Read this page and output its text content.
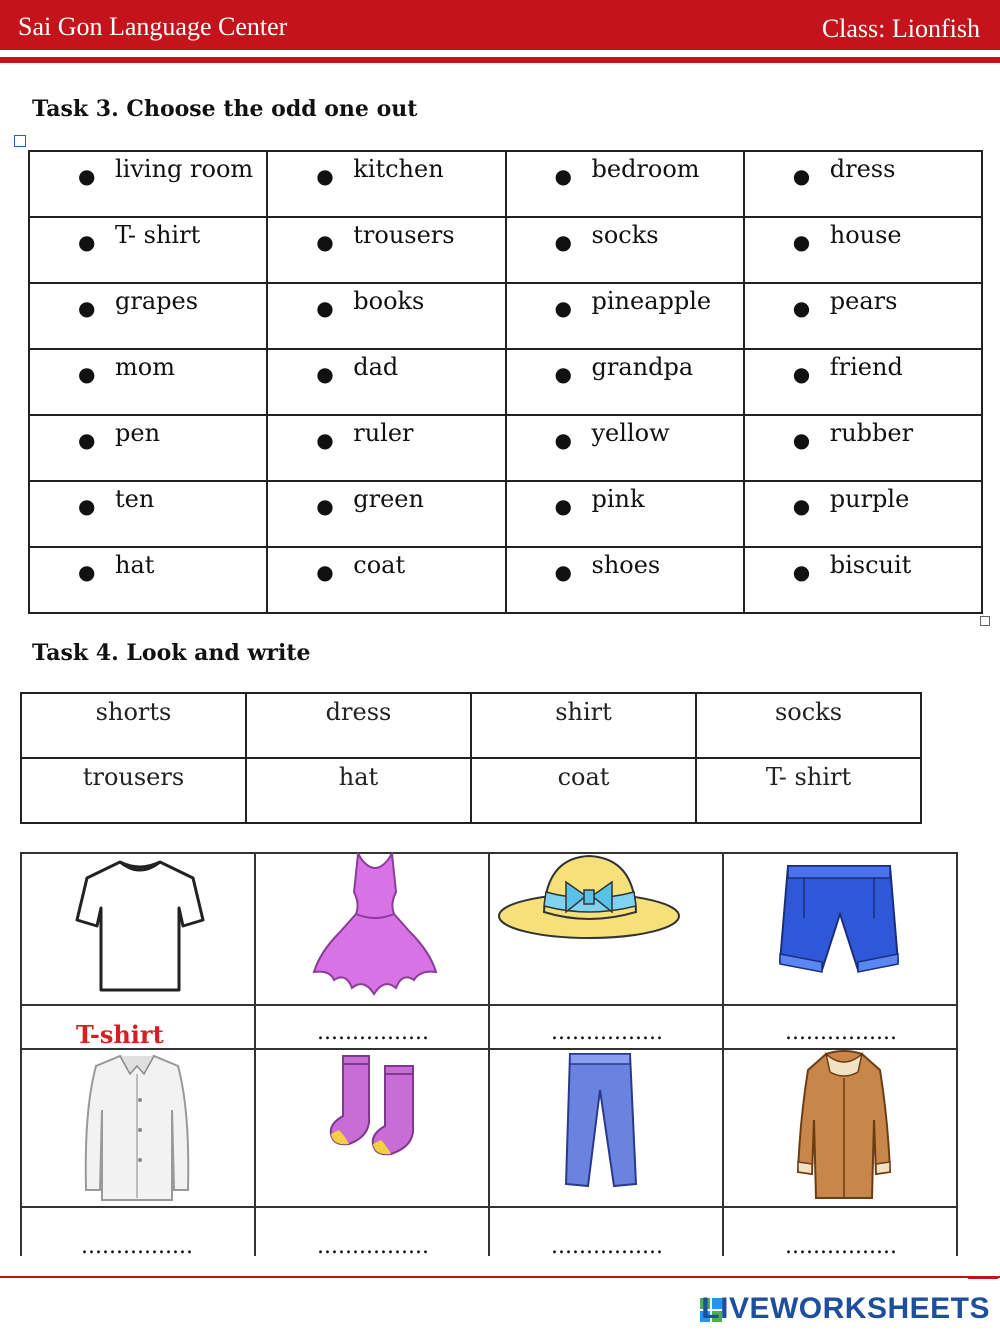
Sai Gon Language Center	Class: Lionfish
Task 3. Choose the odd one out
● living room	● kitchen	● bedroom	● dress
● T- shirt	● trousers	● socks	● house
● grapes	● books	● pineapple	● pears
● mom	● dad	● grandpa	● friend
● pen	● ruler	● yellow	● rubber
● ten	● green	● pink	● purple
● hat	● coat	● shoes	● biscuit
Task 4. Look and write
shorts	dress	shirt	socks
trousers	hat	coat	T- shirt
T-shirt	................	................	................
................	................	................	................
LIVEWORKSHEETS
